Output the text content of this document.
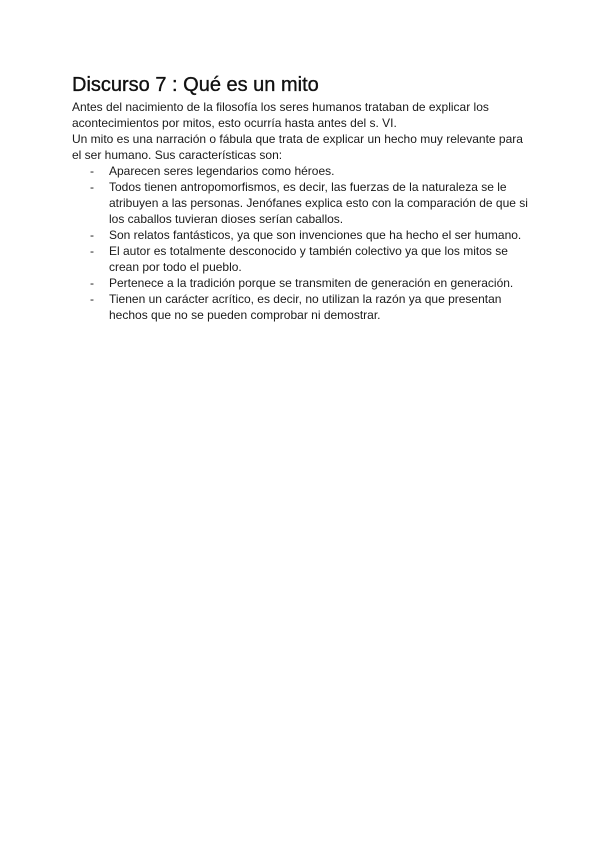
Discurso 7 : Qué es un mito

Antes del nacimiento de la filosofía los seres humanos trataban de explicar los acontecimientos por mitos, esto ocurría hasta antes del s. VI.

Un mito es una narración o fábula que trata de explicar un hecho muy relevante para el ser humano. Sus características son:

- Aparecen seres legendarios como héroes.
- Todos tienen antropomorfismos, es decir, las fuerzas de la naturaleza se le atribuyen a las personas. Jenófanes explica esto con la comparación de que si los caballos tuvieran dioses serían caballos.
- Son relatos fantásticos, ya que son invenciones que ha hecho el ser humano.
- El autor es totalmente desconocido y también colectivo ya que los mitos se crean por todo el pueblo.
- Pertenece a la tradición porque se transmiten de generación en generación.
- Tienen un carácter acrítico, es decir, no utilizan la razón ya que presentan hechos que no se pueden comprobar ni demostrar.
